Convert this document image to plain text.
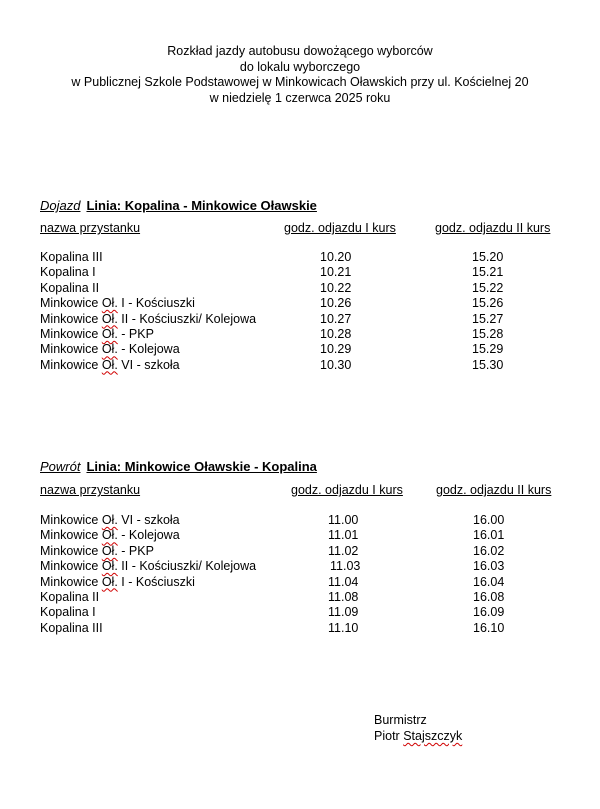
Rozkład jazdy autobusu dowożącego wyborców
do lokalu wyborczego
w Publicznej Szkole Podstawowej w Minkowicach Oławskich przy ul. Kościelnej 20
w niedzielę 1 czerwca 2025 roku
Dojazd Linia: Kopalina - Minkowice Oławskie
nazwa przystanku	godz. odjazdu I kurs	godz. odjazdu II kurs
Kopalina III	10.20	15.20
Kopalina I	10.21	15.21
Kopalina II	10.22	15.22
Minkowice Oł. I - Kościuszki	10.26	15.26
Minkowice Oł. II - Kościuszki/ Kolejowa	10.27	15.27
Minkowice Oł. - PKP	10.28	15.28
Minkowice Oł. - Kolejowa	10.29	15.29
Minkowice Oł. VI - szkoła	10.30	15.30
Powrót Linia: Minkowice Oławskie - Kopalina
nazwa przystanku	godz. odjazdu I kurs	godz. odjazdu II kurs
Minkowice Oł. VI - szkoła	11.00	16.00
Minkowice Oł. - Kolejowa	11.01	16.01
Minkowice Oł. - PKP	11.02	16.02
Minkowice Oł. II - Kościuszki/ Kolejowa	11.03	16.03
Minkowice Oł. I - Kościuszki	11.04	16.04
Kopalina II	11.08	16.08
Kopalina I	11.09	16.09
Kopalina III	11.10	16.10
Burmistrz
Piotr Stajszczyk
